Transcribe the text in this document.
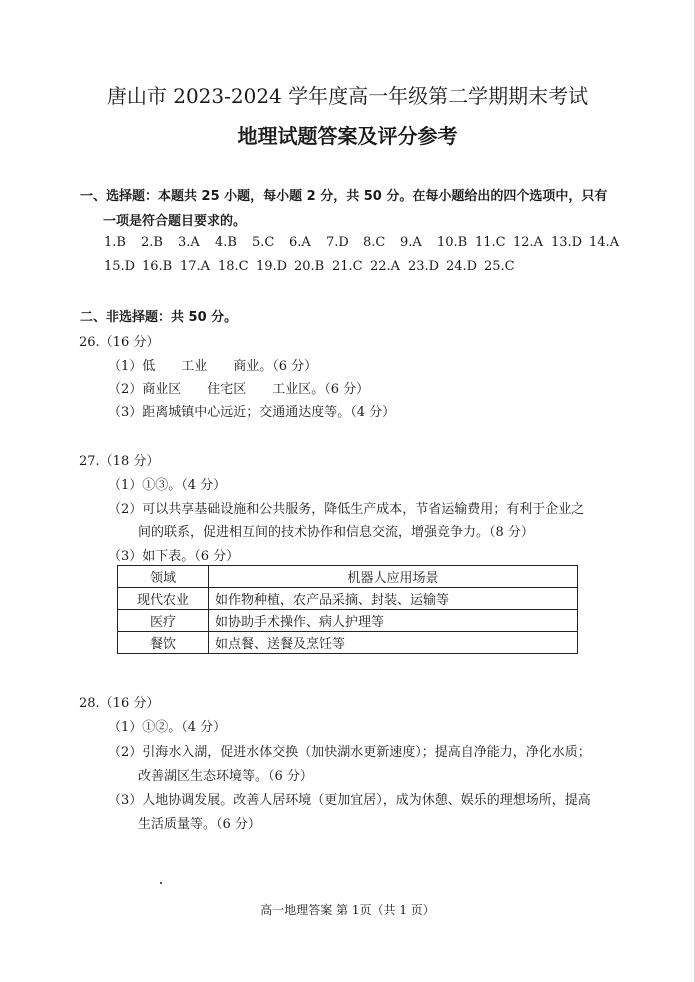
唐山市 2023-2024 学年度高一年级第二学期期末考试
地理试题答案及评分参考
一、选择题：本题共 25 小题，每小题 2 分，共 50 分。在每小题给出的四个选项中，只有
一项是符合题目要求的。
1.B	2.B	3.A	4.B	5.C	6.A	7.D	8.C	9.A	10.B 11.C 12.A 13.D 14.A
15.D 16.B 17.A 18.C 19.D 20.B 21.C 22.A 23.D 24.D 25.C
二、非选择题：共 50 分。
26.（16 分）
（1）低　　工业　　商业。（6 分）
（2）商业区　　住宅区　　工业区。（6 分）
（3）距离城镇中心远近；交通通达度等。（4 分）
27.（18 分）
（1）①③。（4 分）
（2）可以共享基础设施和公共服务，降低生产成本，节省运输费用；有利于企业之
间的联系，促进相互间的技术协作和信息交流，增强竞争力。（8 分）
（3）如下表。（6 分）
领域	机器人应用场景
现代农业	如作物种植，农产品采摘、封装、运输等
医疗	如协助手术操作、病人护理等
餐饮	如点餐、送餐及烹饪等
28.（16 分）
（1）①②。（4 分）
（2）引海水入湖，促进水体交换（加快湖水更新速度）；提高自净能力，净化水质；
改善湖区生态环境等。（6 分）
（3）人地协调发展。改善人居环境（更加宜居），成为休憩、娱乐的理想场所，提高
生活质量等。（6 分）
高一地理答案 第 1页（共 1 页）
